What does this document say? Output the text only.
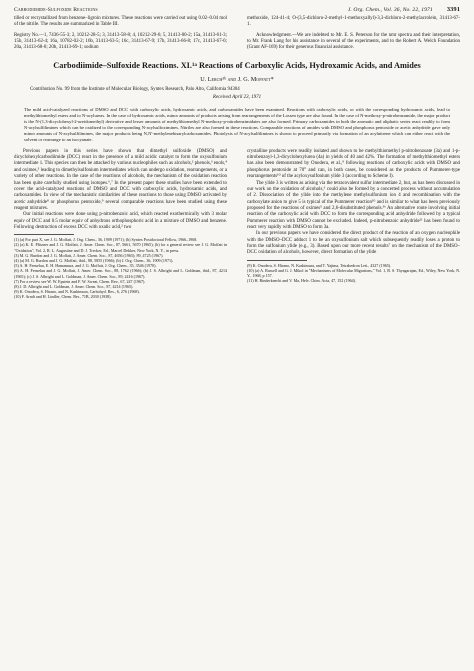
Carbodiimide-Sulfoxide Reactions	J. Org. Chem., Vol. 36, No. 22, 1971 3391

tilled or recrystallized from benzene–ligroin mixtures. These reactions were carried out using 0.02–0.04 mol of the nitrile. The results are summarized in Table III.

Registry No.—1, 7436-55-3; 2, 10212-28-5; 3, 31413-58-8; 4, 10212-29-6; 5, 31413-00-2; 15a, 31413-61-3; 15b, 31413-62-4; 16a, 10782-02-2; 16b, 31413-63-5; 16c, 31413-67-9; 17b, 31413-66-8; 17c, 31413-67-0; 20a, 31413-68-0; 20b, 31413-69-1; sodium

methoxide, 124-41-4; O-(3,5-dichloro-2-methyl-1-methoxyallyl)-3,3-dichloro-2-methylacrolein, 31413-67-1.

Acknowledgment.—We are indebted to Mr. E. S. Peterson for the nmr spectra and their interpretation, to Mr. Frank Lang for his assistance in several of the experiments, and to the Robert A. Welch Foundation (Grant AF-169) for their generous financial assistance.

Carbodiimide–Sulfoxide Reactions. XI.¹ᵃ Reactions of Carboxylic Acids, Hydroxamic Acids, and Amides
U. Lerch¹ᵇ and J. G. Moffatt*
Contribution No. 99 from the Institute of Molecular Biology, Syntex Research, Palo Alto, California 94304
Received April 23, 1971

The mild acid-catalyzed reactions of DMSO and DCC with carboxylic acids, hydroxamic acids, and carboxamides have been examined. Reactions with carboxylic acids, or with the corresponding hydroxamic acids, lead to methylthiomethyl esters and to N-acylureas. In the case of hydroxamic acids, minor amounts of products arising from rearrangements of the Lossen type are also found. In the case of N-methoxy-p-nitrobenzamide, the major product is the N-(1,3-dicyclohexyl-2-ureidomethyl) derivative and lesser amounts of methylthiomethyl N-methoxy-p-nitrobenzimidates are also formed. Primary carboxamides in both the aromatic and aliphatic series react readily to form N-acylsulfilimines which can be oxidized to the corresponding N-acylsulfoximines. Nitriles are also formed in these reactions. Comparable reactions of amides with DMSO and phosphorus pentoxide or acetic anhydride gave only minor amounts of N-acylsulfilimines, the major products being N,N'-methylenebisarylcarboxamides. Photolysis of N-acylsulfilimines is shown to proceed primarily via formation of an acylnitrene which can either react with the solvent or rearrange to an isocyanate.

Previous papers in this series have shown that dimethyl sulfoxide (DMSO) and dicyclohexylcarbodiimide (DCC) react in the presence of a mild acidic catalyst to form the oxysulfonium intermediate 1. This species can then be attacked by various nucleophiles such as alcohols,² phenols,³ enols,⁴ and oximes,⁵ leading to dimethylsulfonium intermediates which can undergo oxidation, rearrangements, or a variety of other reactions. In the case of the reactions of alcohols, the mechanism of the oxidation reaction has been quite carefully studied using isotopes.⁶,⁷ In the present paper these studies have been extended to cover the acid-catalyzed reactions of DMSO and DCC with carboxylic acids, hydroxamic acids, and carboxamides. In view of the mechanistic similarities of these reactions to those using DMSO activated by acetic anhydride⁸ or phosphorus pentoxide,⁹ several comparable reactions have been studied using these reagent mixtures.

Our initial reactions were done using p-nitrobenzoic acid, which reacted exothermically with 3 molar equiv of DCC and 0.5 molar equiv of anhydrous orthophosphoric acid in a mixture of DMSO and benzene. Following destruction of excess DCC with oxalic acid,² two

(1) (a) For part X, see J. G. Moffatt, J. Org. Chem., 36, 1909 (1971); (b) Syntex Postdoctoral Fellow, 1966–1968.

(2) (a) K. E. Pfitzner and J. G. Moffatt, J. Amer. Chem. Soc., 87, 5661, 5670 (1965); (b) for a general review see J. G. Moffatt in "Oxidation", Vol. 2, R. L. Augustine and D. J. Trecker, Ed., Marcel Dekker, New York, N. Y., in press.

(3) M. G. Burdon and J. G. Moffatt, J. Amer. Chem. Soc., 87, 4656 (1965); 89, 4725 (1967).

(4) (a) M. G. Burdon and J. G. Moffatt, ibid., 88, 5855 (1966); (b) J. Org. Chem., 36, 1909 (1971).

(5) A. H. Fenselau, E. H. Hamamura, and J. G. Moffatt, J. Org. Chem., 35, 3546 (1970).

(6) A. H. Fenselau and J. G. Moffatt, J. Amer. Chem. Soc., 88, 1762 (1966); (b) J. S. Albright and L. Goldman, ibid., 87, 4214 (1965); (c) J. S. Albright and L. Goldman, J. Amer. Chem. Soc., 89, 2416 (1967).

(7) For a review see W. W. Epstein and F. W. Sweat, Chem. Rev., 67, 247 (1967).

(8) J. D. Albright and L. Goldman, J. Amer. Chem. Soc., 87, 4214 (1965).

(9) K. Onodera, S. Hirano, and N. Kashimura, Carbohyd. Res., 6, 276 (1968).

(10) F. Arndt and H. Lindler, Chem. Ber., 71B, 2030 (1938).

crystalline products were readily isolated and shown to be methylthiomethyl p-nitrobenzoate (3a) and 1-p-nitrobenzoyl-1,3-dicyclohexylurea (4a) in yields of 40 and 42%. The formation of methylthiomethyl esters has also been demonstrated by Onodera, et al.,⁹ following reactions of carboxylic acids with DMSO and phosphorus pentoxide at 70° and can, in both cases, be considered as the products of Pummerer-type rearrangements¹⁰ of the acyloxysulfonium ylide 3 (according to Scheme I).

The ylide 3 is written as arising via the tetracovalent sulfur intermediate 2, but, as has been discussed in our work on the oxidation of alcohols,⁶ could also be formed by a concerted process without accumulation of 2. Dissociation of the ylide into the methylene methylsulfonium ion 4 and recombination with the carboxylate anion to give 5 is typical of the Pummerer reaction¹⁰ and is similar to what has been previously proposed for the reactions of oximes⁵ and 2,6-disubstituted phenols.³ᵇ An alternative route involving initial reaction of the carboxylic acid with DCC to form the corresponding acid anhydride followed by a typical Pummerer reaction with DMSO cannot be excluded. Indeed, p-nitrobenzoic anhydride¹¹ has been found to react very rapidly with DMSO to form 3a.

In our previous papers we have considered the direct product of the reaction of an oxygen nucleophile with the DMSO–DCC adduct 1 to be an oxysulfonium salt which subsequently readily loses a proton to form the sulfonium ylide (e.g., 3). Based upon our more recent results⁷ on the mechanism of the DMSO–DCC oxidation of alcohols, however, direct formation of the ylide

(9) K. Onodera, S. Hirano, N. Kashimura, and T. Yajima, Tetrahedron Lett., 4327 (1965).

(10) (a) A. Russell and G. J. Mikol in "Mechanisms of Molecular Migrations," Vol. 1, B. S. Thyagarajan, Ed., Wiley, New York, N. Y., 1968, p 157.

(11) H. Rinderknecht and V. Ma, Helv. Chim. Acta, 47, 152 (1964).
